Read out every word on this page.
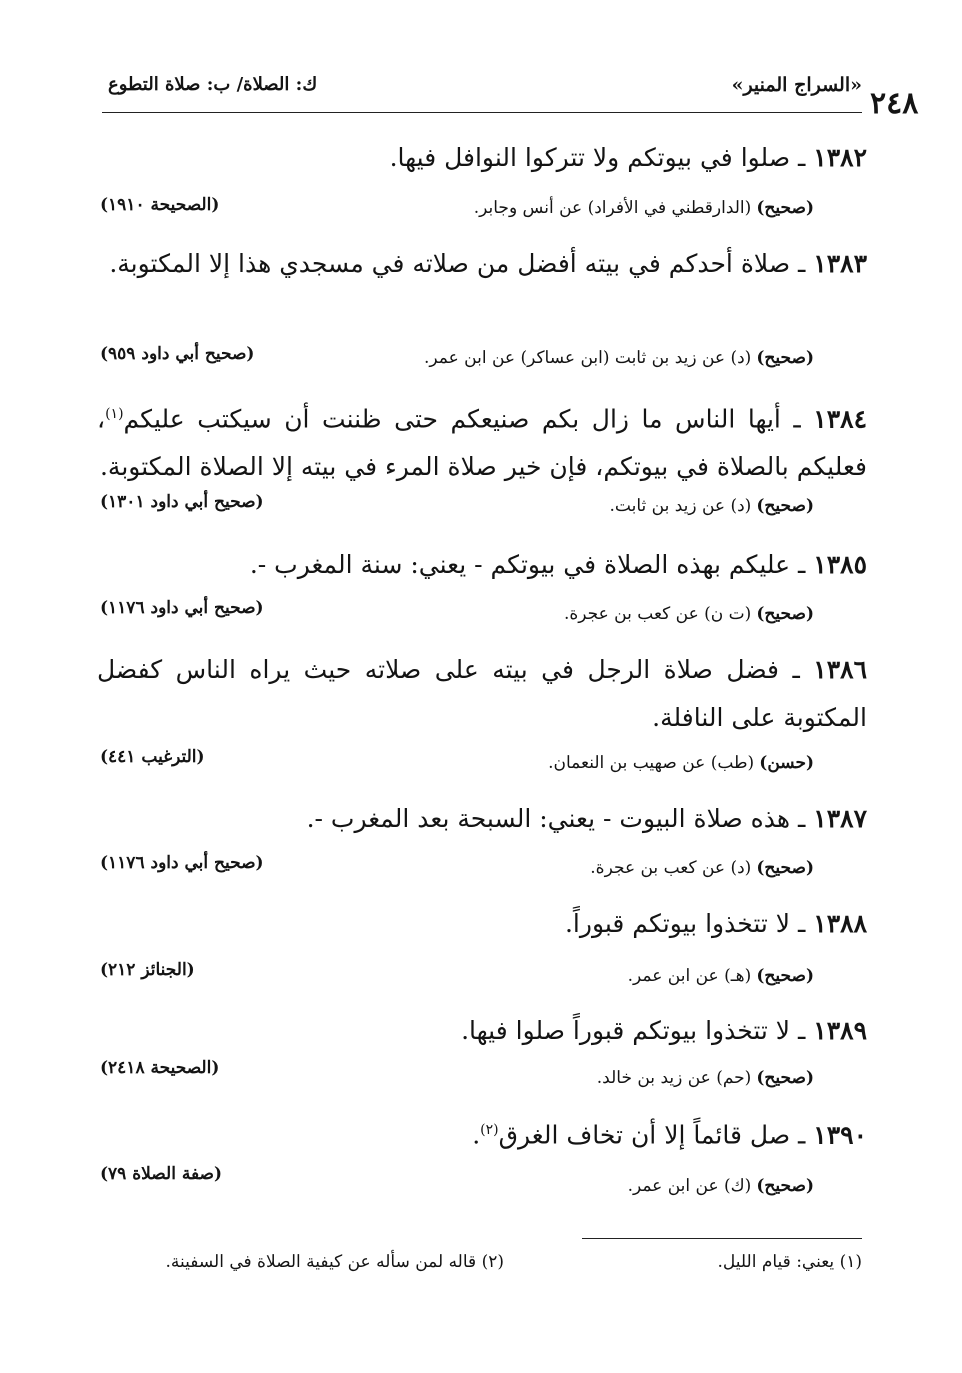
٢٤٨
«السراج المنير»
ك: الصلاة/ ب: صلاة التطوع
١٣٨٢ ـ صلوا في بيوتكم ولا تتركوا النوافل فيها.
(صحيح) (الدارقطني في الأفراد) عن أنس وجابر.
(الصحيحة ١٩١٠)
١٣٨٣ ـ صلاة أحدكم في بيته أفضل من صلاته في مسجدي هذا إلا المكتوبة.
(صحيح) (د) عن زيد بن ثابت (ابن عساكر) عن ابن عمر.
(صحيح أبي داود ٩٥٩)
١٣٨٤ ـ أيها الناس ما زال بكم صنيعكم حتى ظننت أن سيكتب عليكم$^{(١)}$، فعليكم بالصلاة في بيوتكم، فإن خير صلاة المرء في بيته إلا الصلاة المكتوبة.
(صحيح) (د) عن زيد بن ثابت.
(صحيح أبي داود ١٣٠١)
١٣٨٥ ـ عليكم بهذه الصلاة في بيوتكم - يعني: سنة المغرب -.
(صحيح) (ت ن) عن كعب بن عجرة.
(صحيح أبي داود ١١٧٦)
١٣٨٦ ـ فضل صلاة الرجل في بيته على صلاته حيث يراه الناس كفضل المكتوبة على النافلة.
(حسن) (طب) عن صهيب بن النعمان.
(الترغيب ٤٤١)
١٣٨٧ ـ هذه صلاة البيوت - يعني: السبحة بعد المغرب -.
(صحيح) (د) عن كعب بن عجرة.
(صحيح أبي داود ١١٧٦)
١٣٨٨ ـ لا تتخذوا بيوتكم قبوراً.
(صحيح) (هـ) عن ابن عمر.
(الجنائز ٢١٢)
١٣٨٩ ـ لا تتخذوا بيوتكم قبوراً صلوا فيها.
(صحيح) (حم) عن زيد بن خالد.
(الصحيحة ٢٤١٨)
١٣٩٠ ـ صل قائماً إلا أن تخاف الغرق$^{(٢)}$.
(صحيح) (ك) عن ابن عمر.
(صفة الصلاة ٧٩)
(١) يعني: قيام الليل.
(٢) قاله لمن سأله عن كيفية الصلاة في السفينة.
